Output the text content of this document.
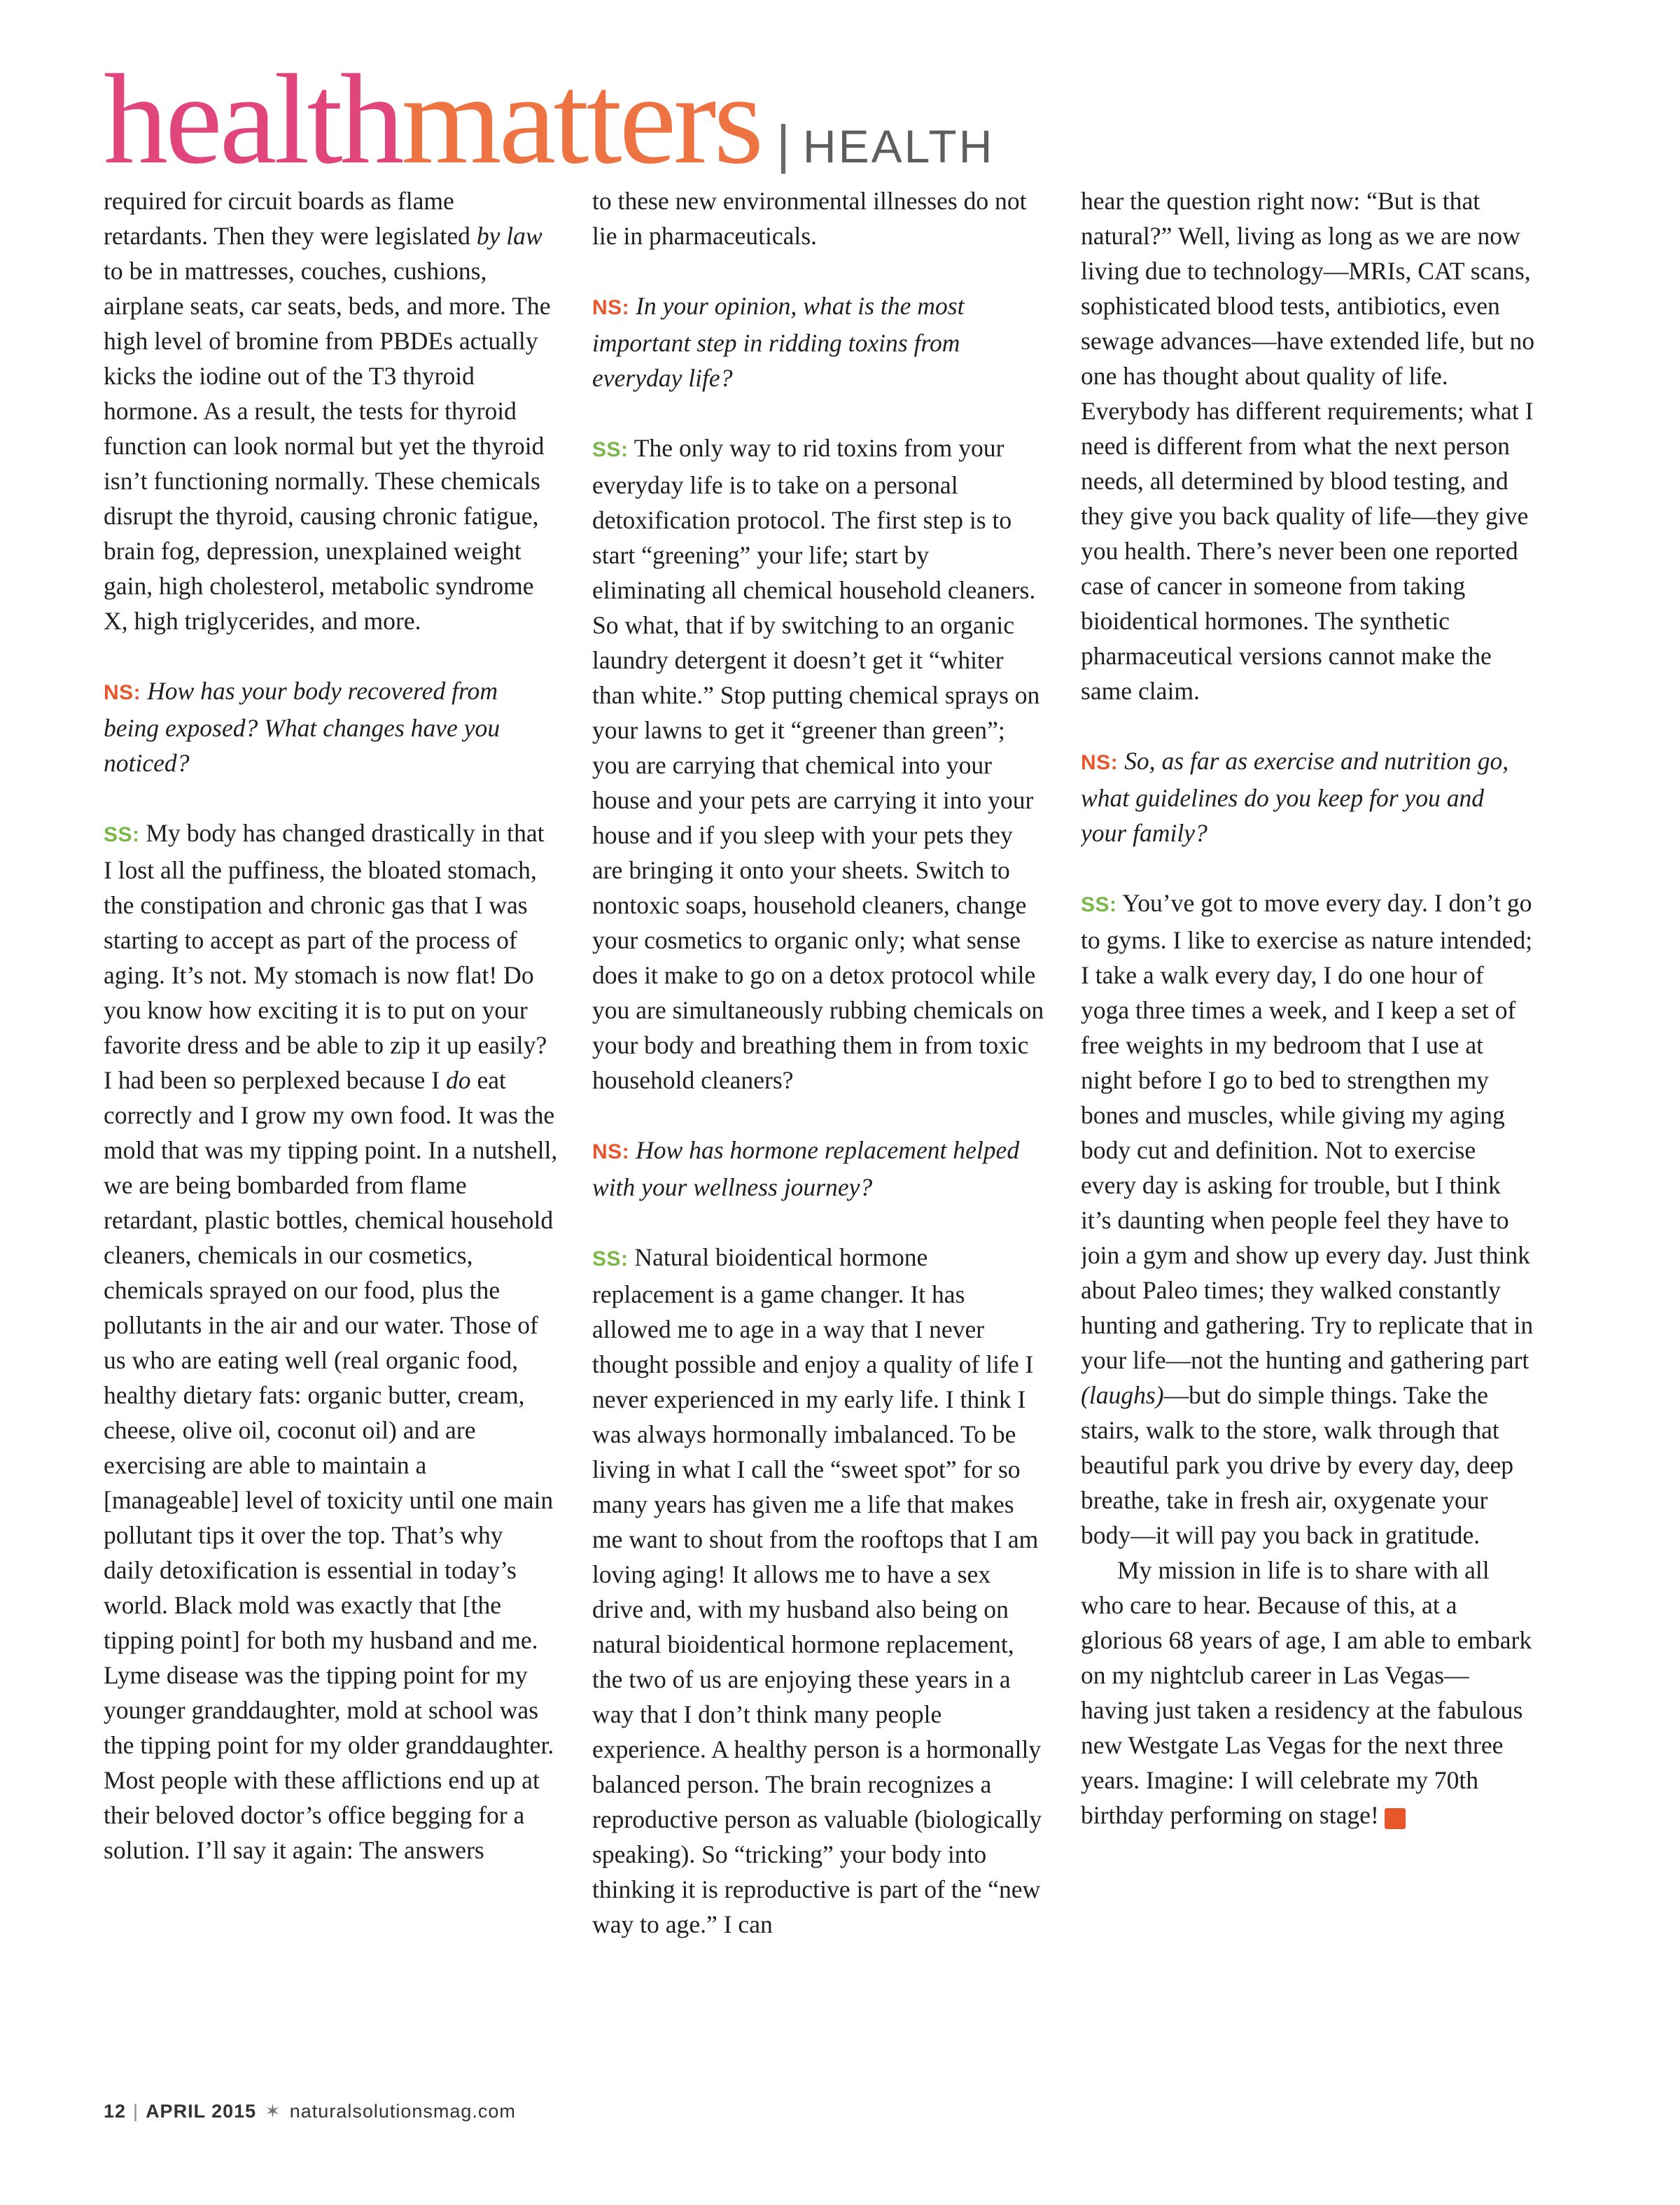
health matters | HEALTH

required for circuit boards as flame retardants. Then they were legislated by law to be in mattresses, couches, cushions, airplane seats, car seats, beds, and more. The high level of bromine from PBDEs actually kicks the iodine out of the T3 thyroid hormone. As a result, the tests for thyroid function can look normal but yet the thyroid isn’t functioning normally. These chemicals disrupt the thyroid, causing chronic fatigue, brain fog, depression, unexplained weight gain, high cholesterol, metabolic syndrome X, high triglycerides, and more.

NS: How has your body recovered from being exposed? What changes have you noticed?

SS: My body has changed drastically in that I lost all the puffiness, the bloated stomach, the constipation and chronic gas that I was starting to accept as part of the process of aging. It’s not. My stomach is now flat! Do you know how exciting it is to put on your favorite dress and be able to zip it up easily? I had been so perplexed because I do eat correctly and I grow my own food. It was the mold that was my tipping point. In a nutshell, we are being bombarded from flame retardant, plastic bottles, chemical household cleaners, chemicals in our cosmetics, chemicals sprayed on our food, plus the pollutants in the air and our water. Those of us who are eating well (real organic food, healthy dietary fats: organic butter, cream, cheese, olive oil, coconut oil) and are exercising are able to maintain a [manageable] level of toxicity until one main pollutant tips it over the top. That’s why daily detoxification is essential in today’s world. Black mold was exactly that [the tipping point] for both my husband and me. Lyme disease was the tipping point for my younger granddaughter, mold at school was the tipping point for my older granddaughter. Most people with these afflictions end up at their beloved doctor’s office begging for a solution. I’ll say it again: The answers

to these new environmental illnesses do not lie in pharmaceuticals.

NS: In your opinion, what is the most important step in ridding toxins from everyday life?

SS: The only way to rid toxins from your everyday life is to take on a personal detoxification protocol. The first step is to start “greening” your life; start by eliminating all chemical household cleaners. So what, that if by switching to an organic laundry detergent it doesn’t get it “whiter than white.” Stop putting chemical sprays on your lawns to get it “greener than green”; you are carrying that chemical into your house and your pets are carrying it into your house and if you sleep with your pets they are bringing it onto your sheets. Switch to nontoxic soaps, household cleaners, change your cosmetics to organic only; what sense does it make to go on a detox protocol while you are simultaneously rubbing chemicals on your body and breathing them in from toxic household cleaners?

NS: How has hormone replacement helped with your wellness journey?

SS: Natural bioidentical hormone replacement is a game changer. It has allowed me to age in a way that I never thought possible and enjoy a quality of life I never experienced in my early life. I think I was always hormonally imbalanced. To be living in what I call the “sweet spot” for so many years has given me a life that makes me want to shout from the rooftops that I am loving aging! It allows me to have a sex drive and, with my husband also being on natural bioidentical hormone replacement, the two of us are enjoying these years in a way that I don’t think many people experience. A healthy person is a hormonally balanced person. The brain recognizes a reproductive person as valuable (biologically speaking). So “tricking” your body into thinking it is reproductive is part of the “new way to age.” I can

hear the question right now: “But is that natural?” Well, living as long as we are now living due to technology—MRIs, CAT scans, sophisticated blood tests, antibiotics, even sewage advances—have extended life, but no one has thought about quality of life. Everybody has different requirements; what I need is different from what the next person needs, all determined by blood testing, and they give you back quality of life—they give you health. There’s never been one reported case of cancer in someone from taking bioidentical hormones. The synthetic pharmaceutical versions cannot make the same claim.

NS: So, as far as exercise and nutrition go, what guidelines do you keep for you and your family?

SS: You’ve got to move every day. I don’t go to gyms. I like to exercise as nature intended; I take a walk every day, I do one hour of yoga three times a week, and I keep a set of free weights in my bedroom that I use at night before I go to bed to strengthen my bones and muscles, while giving my aging body cut and definition. Not to exercise every day is asking for trouble, but I think it’s daunting when people feel they have to join a gym and show up every day. Just think about Paleo times; they walked constantly hunting and gathering. Try to replicate that in your life—not the hunting and gathering part (laughs)—but do simple things. Take the stairs, walk to the store, walk through that beautiful park you drive by every day, deep breathe, take in fresh air, oxygenate your body—it will pay you back in gratitude.

My mission in life is to share with all who care to hear. Because of this, at a glorious 68 years of age, I am able to embark on my nightclub career in Las Vegas—having just taken a residency at the fabulous new Westgate Las Vegas for the next three years. Imagine: I will celebrate my 70th birthday performing on stage!	ns

12 | APRIL 2015 ✶ naturalsolutionsmag.com
